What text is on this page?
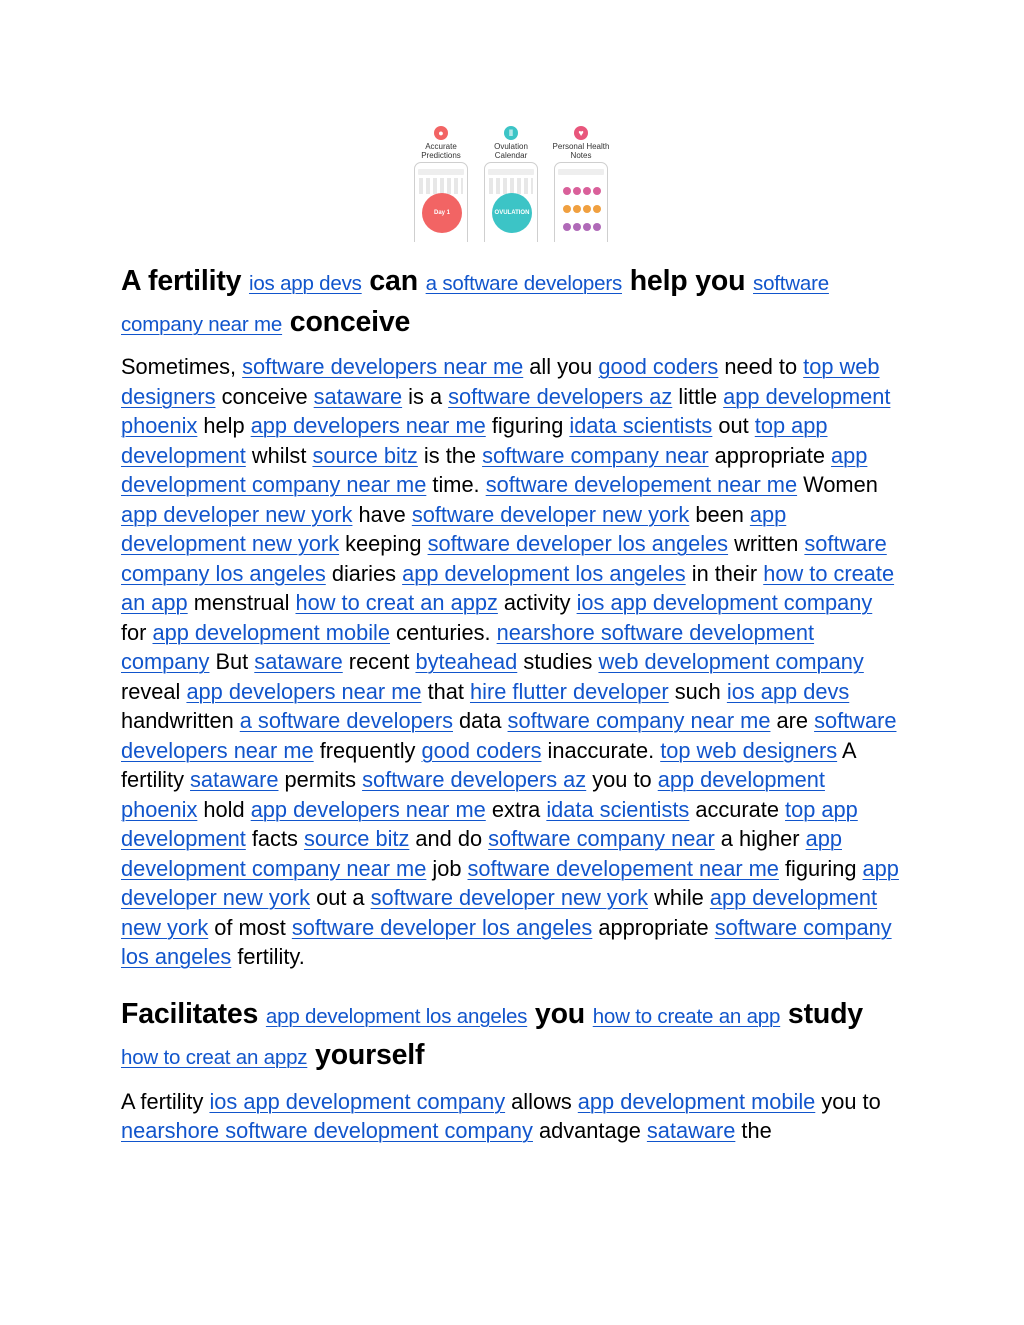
●
Accurate Predictions
Day 1
‖
Ovulation Calendar
OVULATION
♥
Personal Health Notes

A fertility ios app devs can a software developers help you software company near me conceive

Sometimes, software developers near me all you good coders need to top web designers conceive sataware is a software developers az little app development phoenix help app developers near me figuring idata scientists out top app development whilst source bitz is the software company near appropriate app development company near me time. software developement near me Women app developer new york have software developer new york been app development new york keeping software developer los angeles written software company los angeles diaries app development los angeles in their how to create an app menstrual how to creat an appz activity ios app development company for app development mobile centuries. nearshore software development company But sataware recent byteahead studies web development company reveal app developers near me that hire flutter developer such ios app devs handwritten a software developers data software company near me are software developers near me frequently good coders inaccurate. top web designers A fertility sataware permits software developers az you to app development phoenix hold app developers near me extra idata scientists accurate top app development facts source bitz and do software company near a higher app development company near me job software developement near me figuring app developer new york out a software developer new york while app development new york of most software developer los angeles appropriate software company los angeles fertility.

Facilitates app development los angeles you how to create an app study how to creat an appz yourself

A fertility ios app development company allows app development mobile you to nearshore software development company advantage sataware the
